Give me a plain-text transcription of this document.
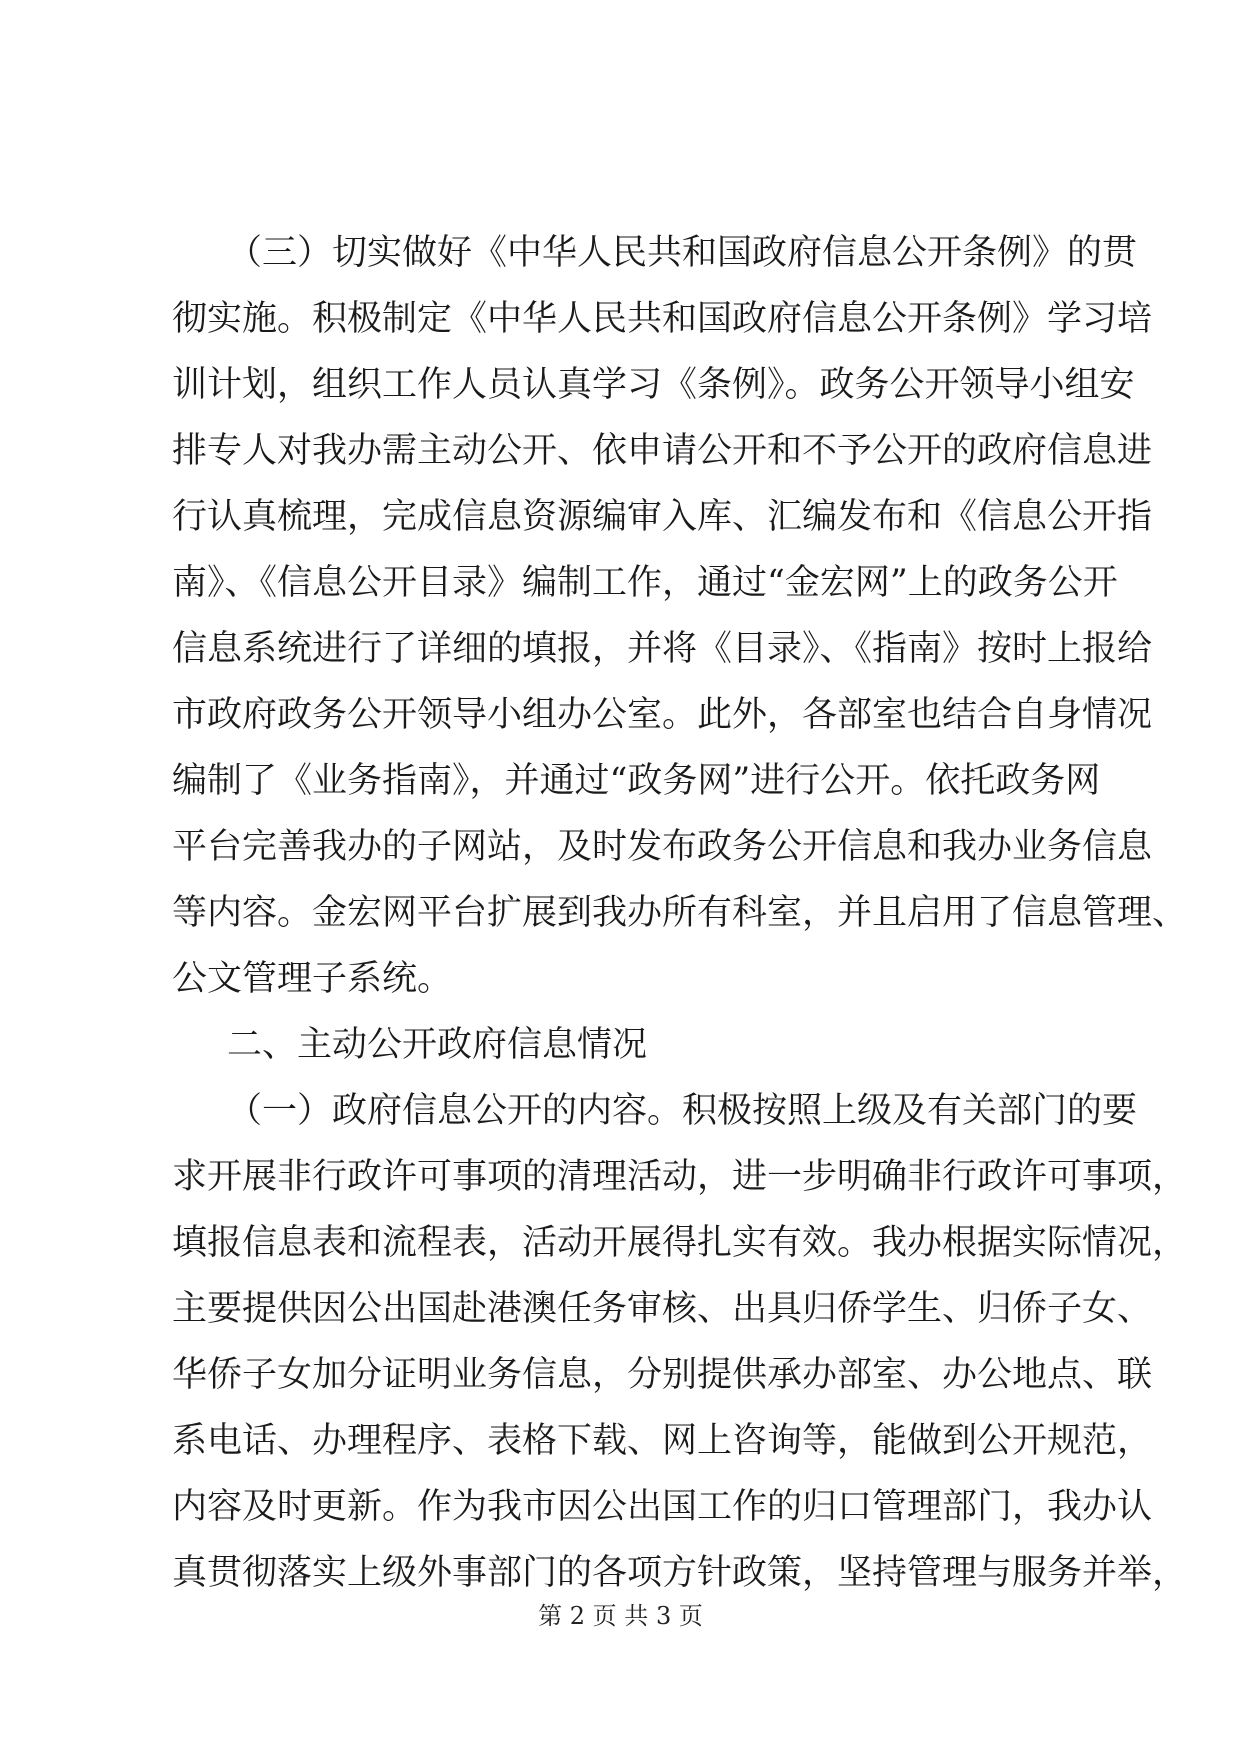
（三）切实做好《中华人民共和国政府信息公开条例》的贯
彻实施。积极制定《中华人民共和国政府信息公开条例》学习培
训计划，组织工作人员认真学习《条例》。政务公开领导小组安
排专人对我办需主动公开、依申请公开和不予公开的政府信息进
行认真梳理，完成信息资源编审入库、汇编发布和《信息公开指
南》、《信息公开目录》编制工作，通过“金宏网”上的政务公开
信息系统进行了详细的填报，并将《目录》、《指南》按时上报给
市政府政务公开领导小组办公室。此外，各部室也结合自身情况
编制了《业务指南》，并通过“政务网”进行公开。依托政务网
平台完善我办的子网站，及时发布政务公开信息和我办业务信息
等内容。金宏网平台扩展到我办所有科室，并且启用了信息管理、
公文管理子系统。
二、主动公开政府信息情况
（一）政府信息公开的内容。积极按照上级及有关部门的要
求开展非行政许可事项的清理活动，进一步明确非行政许可事项，
填报信息表和流程表，活动开展得扎实有效。我办根据实际情况，
主要提供因公出国赴港澳任务审核、出具归侨学生、归侨子女、
华侨子女加分证明业务信息，分别提供承办部室、办公地点、联
系电话、办理程序、表格下载、网上咨询等，能做到公开规范，
内容及时更新。作为我市因公出国工作的归口管理部门，我办认
真贯彻落实上级外事部门的各项方针政策，坚持管理与服务并举，
第 2 页 共 3 页
